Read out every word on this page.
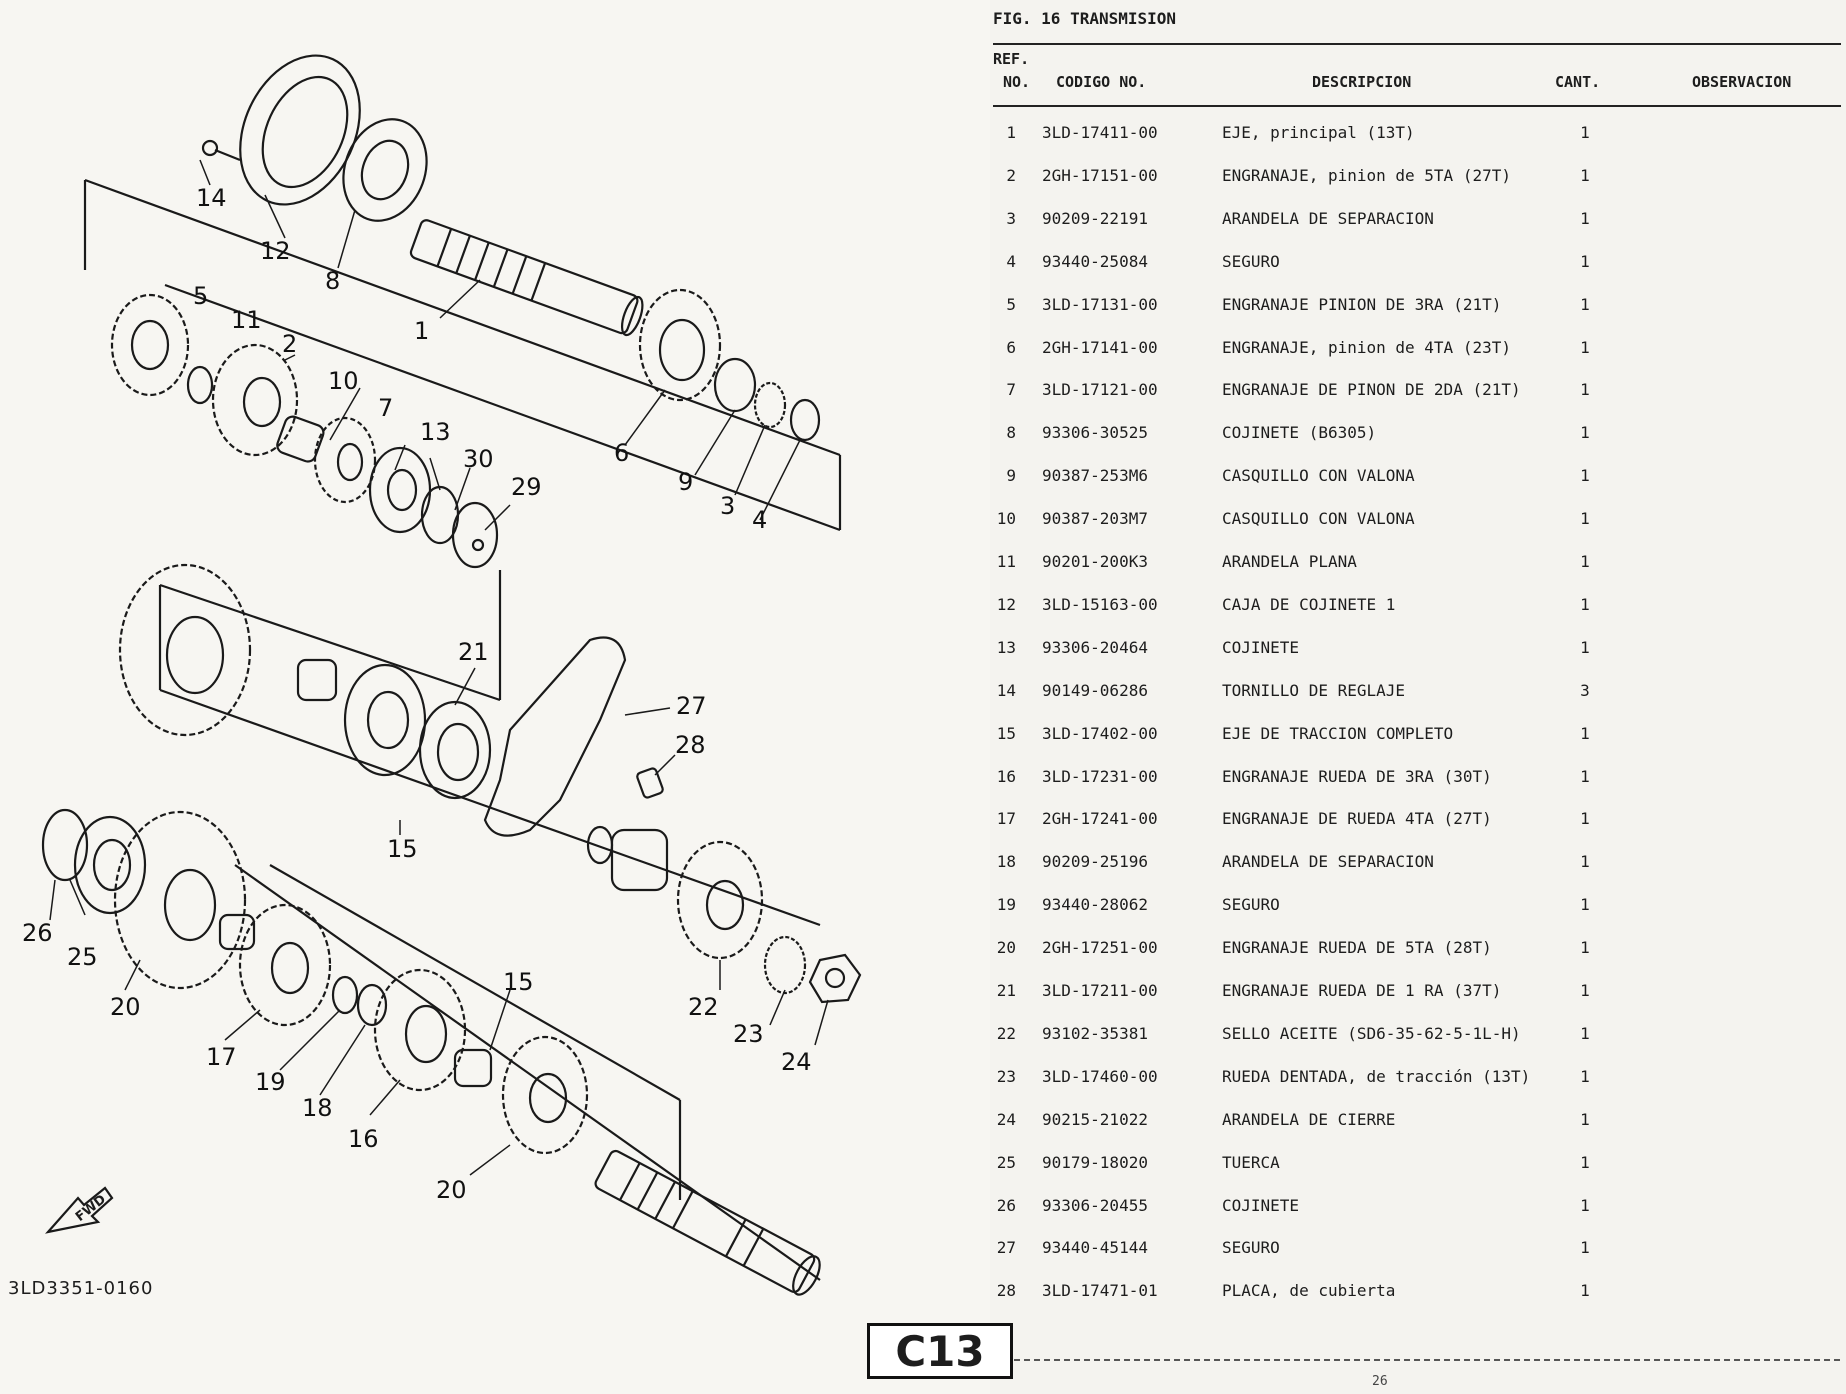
14
12
8
1
5
11
2
10
7
13
30
29
6
9
3 4
21
27
28
15
26
25
20
15
22
23
24
17
19
18
16
20
FWD
3LD3351-0160
C13
FIG. 16 TRANSMISION
REF.
NO. CODIGO NO.	DESCRIPCION	CANT.	OBSERVACION
1 3LD-17411-00	EJE, principal (13T)	1
2 2GH-17151-00	ENGRANAJE, pinion de 5TA (27T)	1
3 90209-22191	ARANDELA DE SEPARACION	1
4 93440-25084	SEGURO	1
5 3LD-17131-00	ENGRANAJE PINION DE 3RA (21T)	1
6 2GH-17141-00	ENGRANAJE, pinion de 4TA (23T)	1
7 3LD-17121-00	ENGRANAJE DE PINON DE 2DA (21T)	1
8 93306-30525	COJINETE (B6305)	1
9 90387-253M6	CASQUILLO CON VALONA	1
10 90387-203M7	CASQUILLO CON VALONA	1
11 90201-200K3	ARANDELA PLANA	1
12 3LD-15163-00	CAJA DE COJINETE 1	1
13 93306-20464	COJINETE	1
14 90149-06286	TORNILLO DE REGLAJE	3
15 3LD-17402-00	EJE DE TRACCION COMPLETO	1
16 3LD-17231-00	ENGRANAJE RUEDA DE 3RA (30T)	1
17 2GH-17241-00	ENGRANAJE DE RUEDA 4TA (27T)	1
18 90209-25196	ARANDELA DE SEPARACION	1
19 93440-28062	SEGURO	1
20 2GH-17251-00	ENGRANAJE RUEDA DE 5TA (28T)	1
21 3LD-17211-00	ENGRANAJE RUEDA DE 1 RA (37T)	1
22 93102-35381	SELLO ACEITE (SD6-35-62-5-1L-H)	1
23 3LD-17460-00	RUEDA DENTADA, de tracción (13T)	1
24 90215-21022	ARANDELA DE CIERRE	1
25 90179-18020	TUERCA	1
26 93306-20455	COJINETE	1
27 93440-45144	SEGURO	1
28 3LD-17471-01	PLACA, de cubierta	1
26
